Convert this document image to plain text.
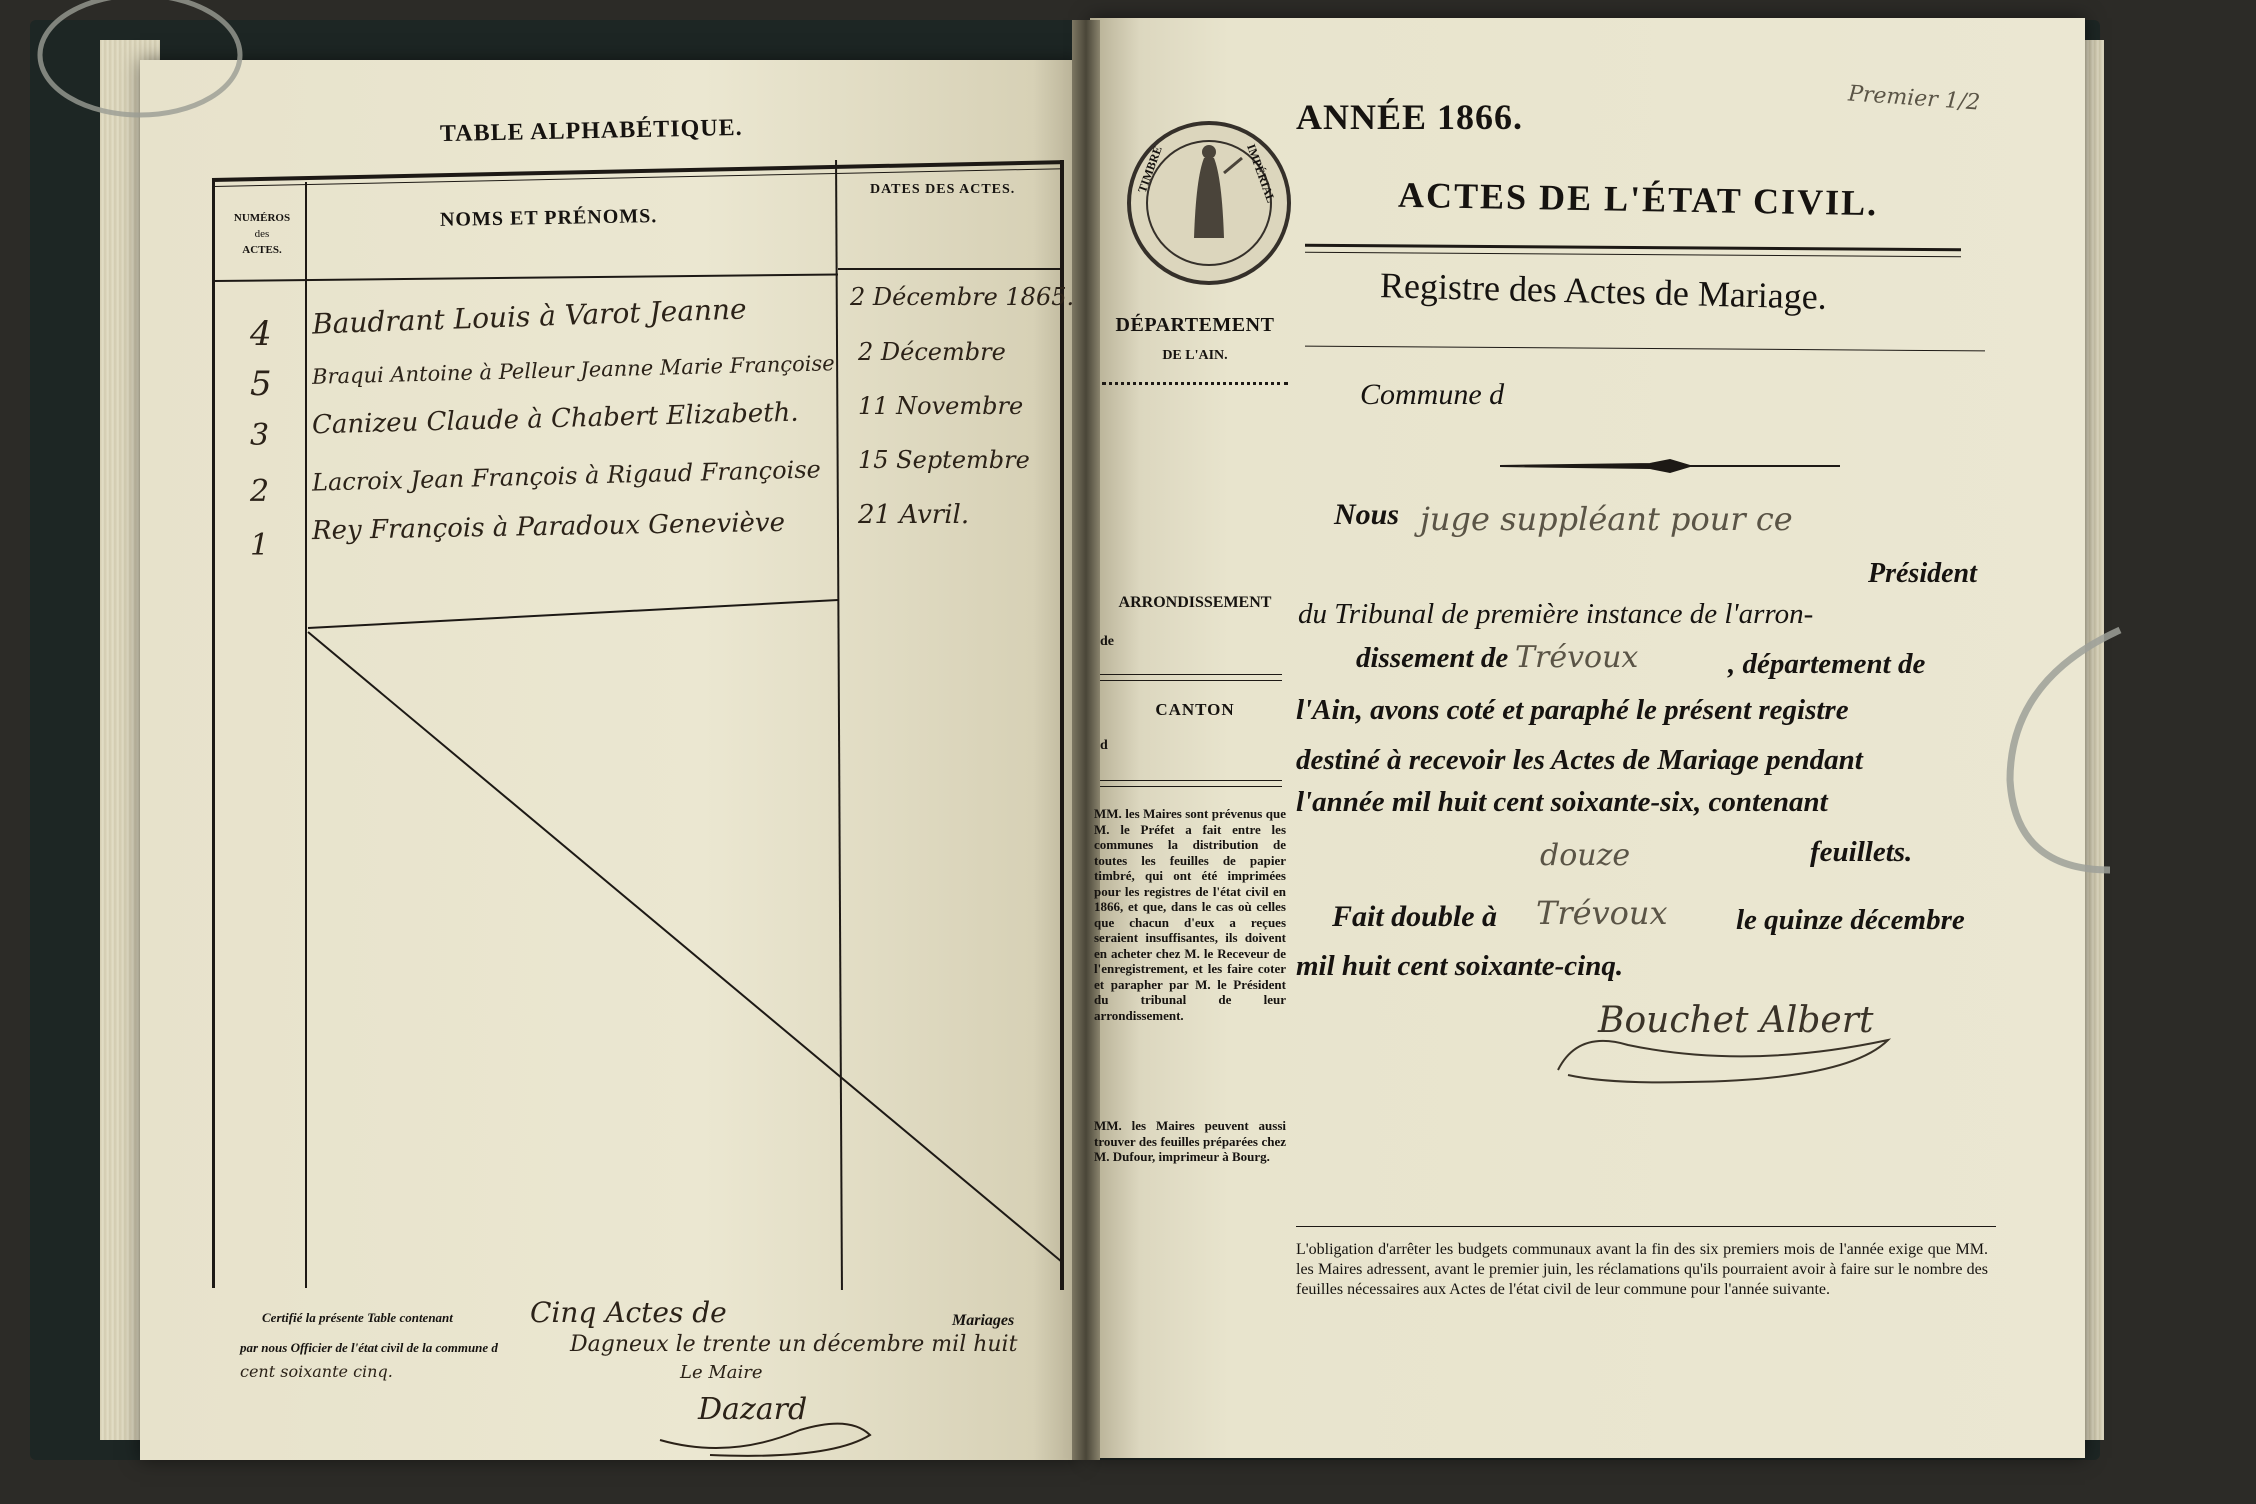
TABLE ALPHABÉTIQUE.
NUMÉROS
des
ACTES.
NOMS ET PRÉNOMS.
DATES DES ACTES.
4 Baudrant Louis à Varot Jeanne	2 Décembre 1865.
5 Braqui Antoine à Pelleur Jeanne Marie Françoise 2 Décembre
3 Canizeu Claude à Chabert Elizabeth. 11 Novembre
2 Lacroix Jean François à Rigaud Françoise 15 Septembre
1 Rey François à Paradoux Geneviève	21 Avril.
Certifié la présente Table contenant	Cinq Actes de	Mariages
par nous Officier de l'état civil de la commune d	Dagneux le trente un décembre mil huit
cent soixante cinq.	Le Maire
Dazard
Premier 1/2
TIMBRE	IMPÉRIAL
ANNÉE 1866.
ACTES DE L'ÉTAT CIVIL.
Registre des Actes de Mariage.
Commune d
DÉPARTEMENT
DE L'AIN.
ARRONDISSEMENT
de
CANTON
d
MM. les Maires sont prévenus que M. le Préfet a fait entre les communes la distribution de toutes les feuilles de papier timbré, qui ont été imprimées pour les registres de l'état civil en 1866, et que, dans le cas où celles que chacun d'eux a reçues seraient insuffisantes, ils doivent en acheter chez M. le Receveur de l'enregistrement, et les faire coter et parapher par M. le Président du tribunal de leur arrondissement.
MM. les Maires peuvent aussi trouver des feuilles préparées chez M. Dufour, imprimeur à Bourg.
Nous juge suppléant pour ce
Président
du Tribunal de première instance de l'arron-
dissement de Trévoux	, département de
l'Ain, avons coté et paraphé le présent registre
destiné à recevoir les Actes de Mariage pendant
l'année mil huit cent soixante-six, contenant
douze	feuillets.
Fait double à Trévoux le quinze décembre
mil huit cent soixante-cinq.
Bouchet Albert
L'obligation d'arrêter les budgets communaux avant la fin des six premiers mois de l'année exige que MM. les Maires adressent, avant le premier juin, les réclamations qu'ils pourraient avoir à faire sur le nombre des feuilles nécessaires aux Actes de l'état civil de leur commune pour l'année suivante.
